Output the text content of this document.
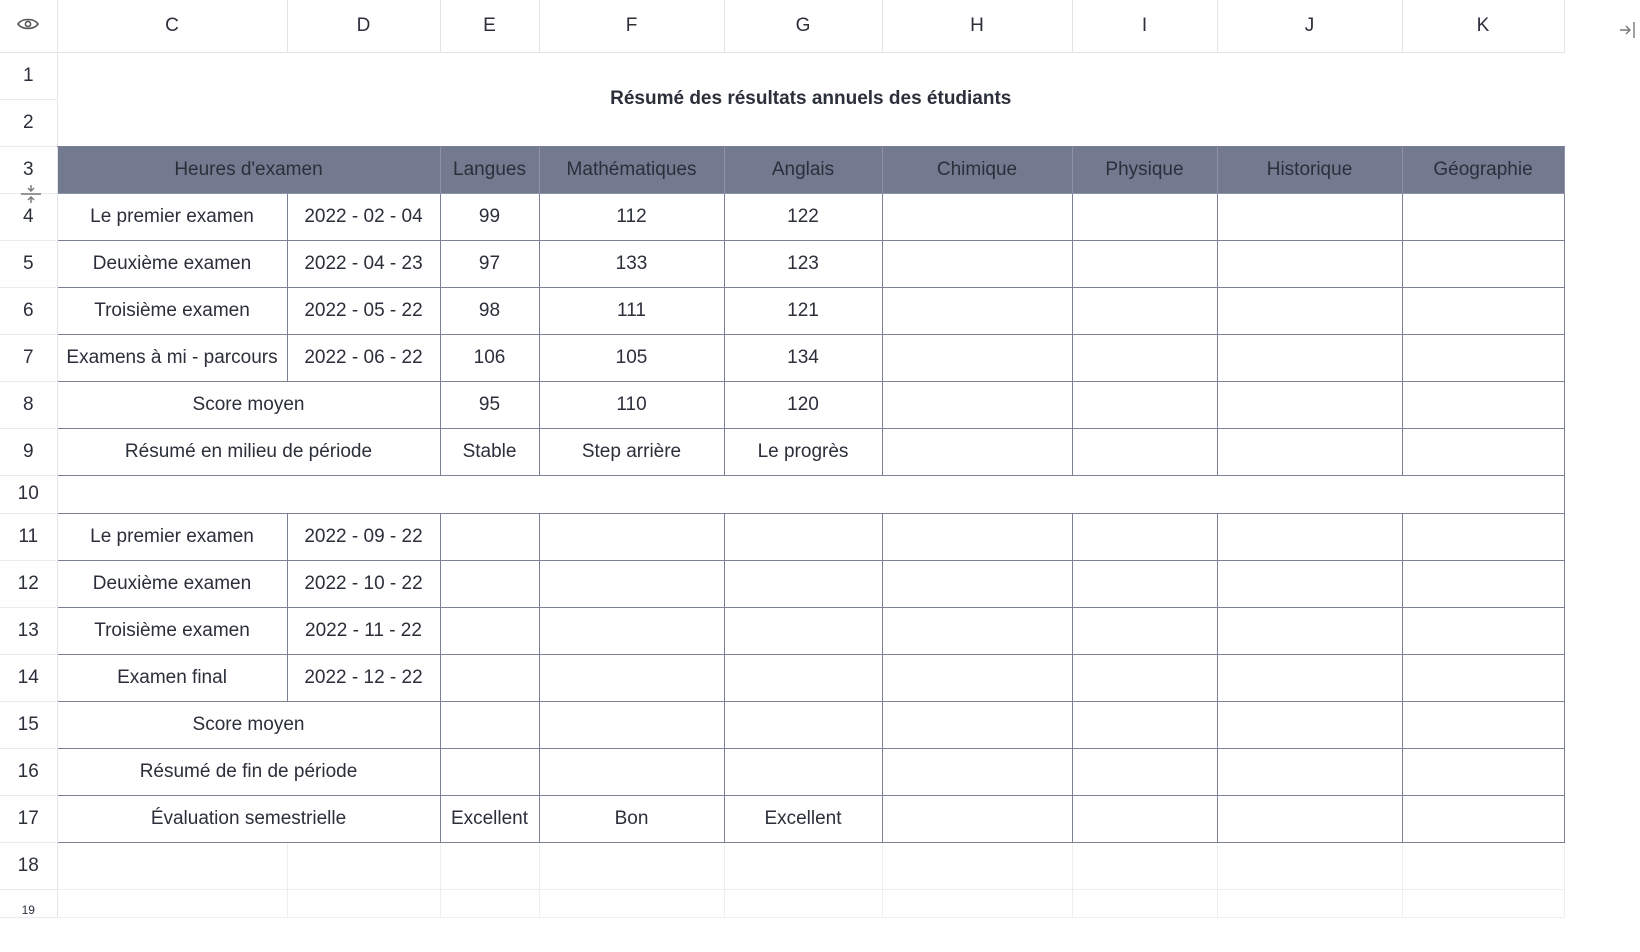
	C	D	E	F	G	H	I	J	K
1	Résumé des résultats annuels des étudiants								
2									
3	Heures d'examen		Langues	Mathématiques	Anglais	Chimique	Physique	Historique	Géographie
4	Le premier examen	2022 - 02 - 04	99	112	122				
5	Deuxième examen	2022 - 04 - 23	97	133	123				
6	Troisième examen	2022 - 05 - 22	98	111	121				
7	Examens à mi - parcours	2022 - 06 - 22	106	105	134				
8	Score moyen		95	110	120				
9	Résumé en milieu de période		Stable	Step arrière	Le progrès				
10									
11	Le premier examen	2022 - 09 - 22							
12	Deuxième examen	2022 - 10 - 22							
13	Troisième examen	2022 - 11 - 22							
14	Examen final	2022 - 12 - 22							
15	Score moyen								
16	Résumé de fin de période								
17	Évaluation semestrielle		Excellent	Bon	Excellent				
18									
19									
